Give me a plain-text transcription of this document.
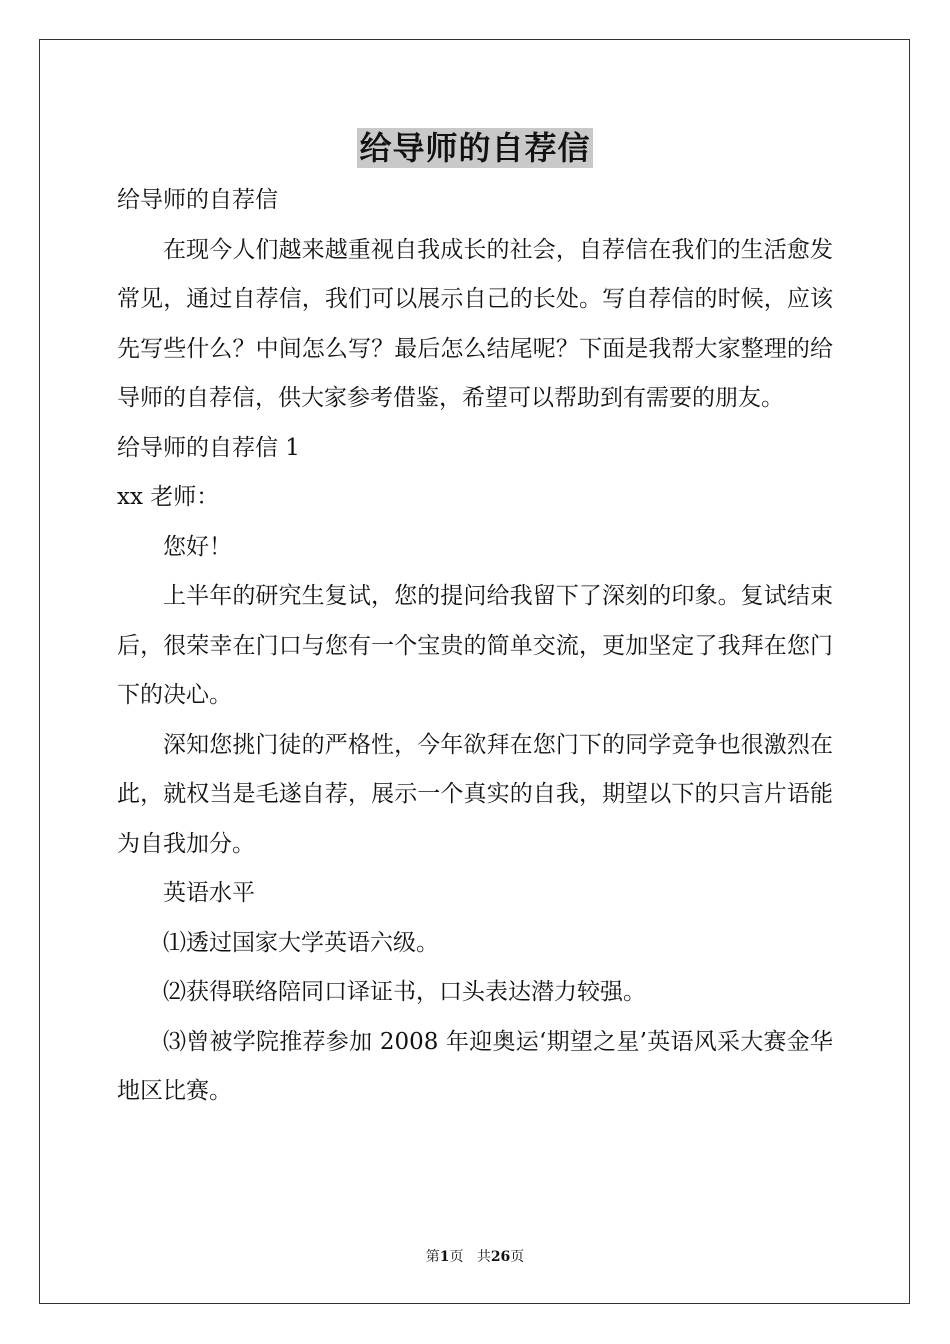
给导师的自荐信

给导师的自荐信

在现今人们越来越重视自我成长的社会，自荐信在我们的生活愈发常见，通过自荐信，我们可以展示自己的长处。写自荐信的时候，应该先写些什么？中间怎么写？最后怎么结尾呢？下面是我帮大家整理的给导师的自荐信，供大家参考借鉴，希望可以帮助到有需要的朋友。

给导师的自荐信 1

xx 老师：

您好！

上半年的研究生复试，您的提问给我留下了深刻的印象。复试结束后，很荣幸在门口与您有一个宝贵的简单交流，更加坚定了我拜在您门下的决心。

深知您挑门徒的严格性，今年欲拜在您门下的同学竞争也很激烈在此，就权当是毛遂自荐，展示一个真实的自我，期望以下的只言片语能为自我加分。

英语水平

⑴透过国家大学英语六级。

⑵获得联络陪同口译证书，口头表达潜力较强。

⑶曾被学院推荐参加 2008 年迎奥运‘期望之星’英语风采大赛金华地区比赛。

第1页 共26页
